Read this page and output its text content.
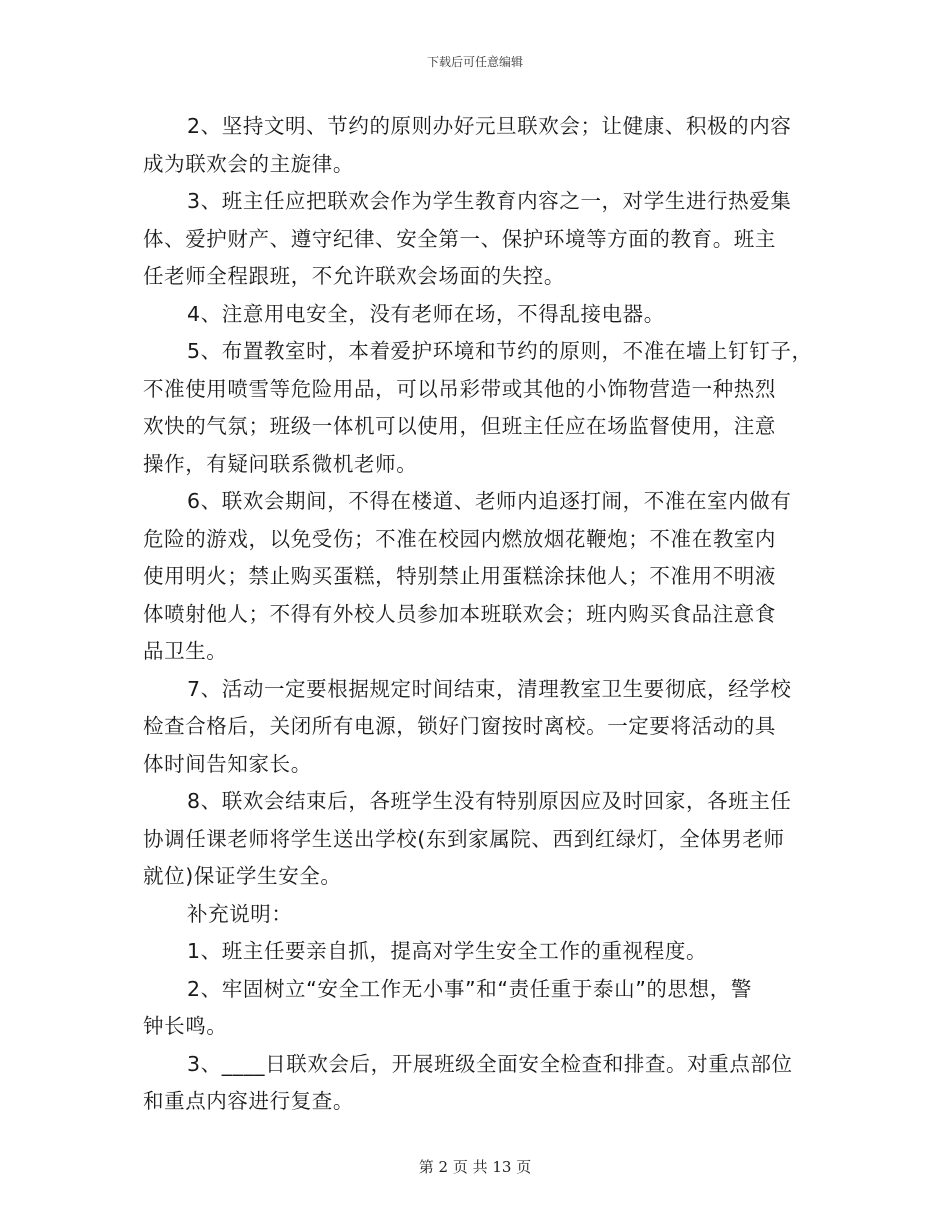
下载后可任意编辑
2、坚持文明、节约的原则办好元旦联欢会；让健康、积极的内容
成为联欢会的主旋律。
3、班主任应把联欢会作为学生教育内容之一，对学生进行热爱集
体、爱护财产、遵守纪律、安全第一、保护环境等方面的教育。班主
任老师全程跟班，不允许联欢会场面的失控。
4、注意用电安全，没有老师在场，不得乱接电器。
5、布置教室时，本着爱护环境和节约的原则，不准在墙上钉钉子，
不准使用喷雪等危险用品，可以吊彩带或其他的小饰物营造一种热烈
欢快的气氛；班级一体机可以使用，但班主任应在场监督使用，注意
操作，有疑问联系微机老师。
6、联欢会期间，不得在楼道、老师内追逐打闹，不准在室内做有
危险的游戏，以免受伤；不准在校园内燃放烟花鞭炮；不准在教室内
使用明火；禁止购买蛋糕，特别禁止用蛋糕涂抹他人；不准用不明液
体喷射他人；不得有外校人员参加本班联欢会；班内购买食品注意食
品卫生。
7、活动一定要根据规定时间结束，清理教室卫生要彻底，经学校
检查合格后，关闭所有电源，锁好门窗按时离校。一定要将活动的具
体时间告知家长。
8、联欢会结束后，各班学生没有特别原因应及时回家，各班主任
协调任课老师将学生送出学校(东到家属院、西到红绿灯，全体男老师
就位)保证学生安全。
补充说明：
1、班主任要亲自抓，提高对学生安全工作的重视程度。
2、牢固树立“安全工作无小事”和“责任重于泰山”的思想，警
钟长鸣。
3、____日联欢会后，开展班级全面安全检查和排查。对重点部位
和重点内容进行复查。
第 2 页 共 13 页
